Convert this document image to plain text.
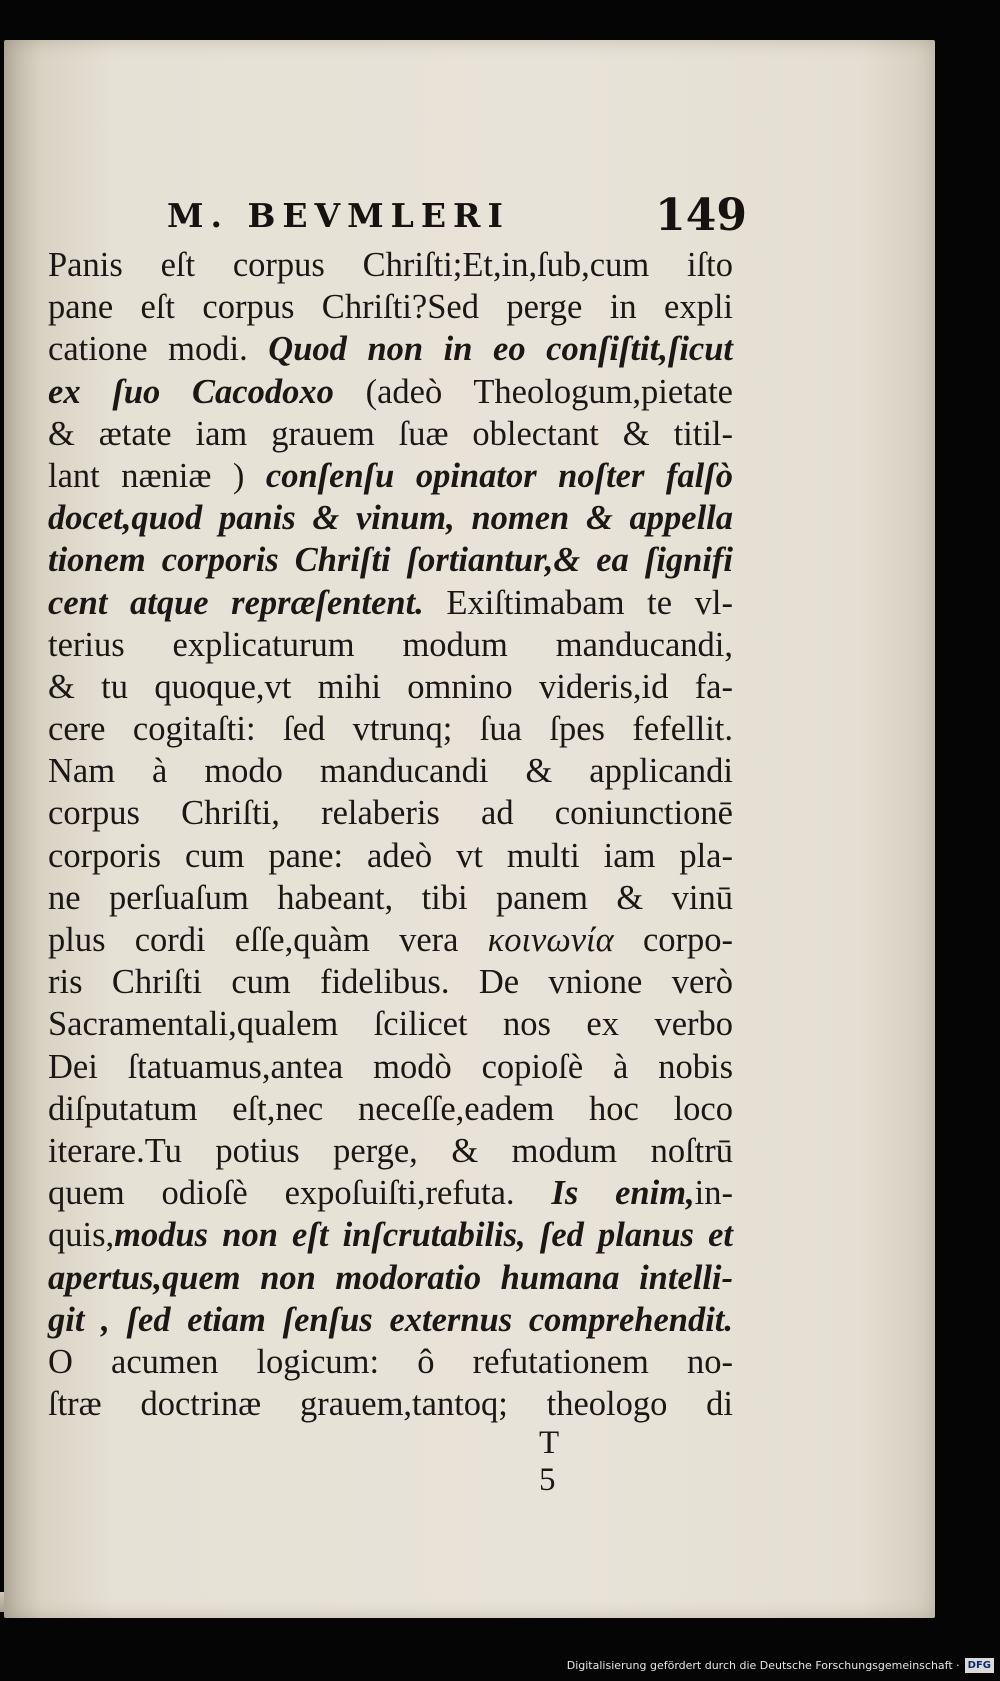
M. BEVMLERI	149
Panis eſt corpus Chriſti;Et,in,ſub,cum iſto
pane eſt corpus Chriſti?Sed perge in expli
catione modi. Quod non in eo conſiſtit,ſicut
ex ſuo Cacodoxo (adeò Theologum,pietate
& ætate iam grauem ſuæ oblectant & titil-
lant næniæ ) conſenſu opinator noſter falſò
docet,quod panis & vinum, nomen & appella
tionem corporis Chriſti ſortiantur,& ea ſignifi
cent atque repræſentent. Exiſtimabam te vl-
terius explicaturum modum manducandi,
& tu quoque,vt mihi omnino videris,id fa-
cere cogitaſti: ſed vtrunq; ſua ſpes fefellit.
Nam à modo manducandi & applicandi
corpus Chriſti, relaberis ad coniunctionē
corporis cum pane: adeò vt multi iam pla-
ne perſuaſum habeant, tibi panem & vinū
plus cordi eſſe,quàm vera κοινωνία corpo-
ris Chriſti cum fidelibus. De vnione verò
Sacramentali,qualem ſcilicet nos ex verbo
Dei ſtatuamus,antea modò copioſè à nobis
diſputatum eſt,nec neceſſe,eadem hoc loco
iterare.Tu potius perge, & modum noſtrū
quem odioſè expoſuiſti,refuta. Is enim,in-
quis,modus non eſt inſcrutabilis, ſed planus et
apertus,quem non modoratio humana intelli-
git , ſed etiam ſenſus externus comprehendit.
O acumen logicum: ô refutationem no-
ſtræ doctrinæ grauem,tantoq; theologo di
T 5
Digitalisierung gefördert durch die Deutsche Forschungsgemeinschaft · DFG
